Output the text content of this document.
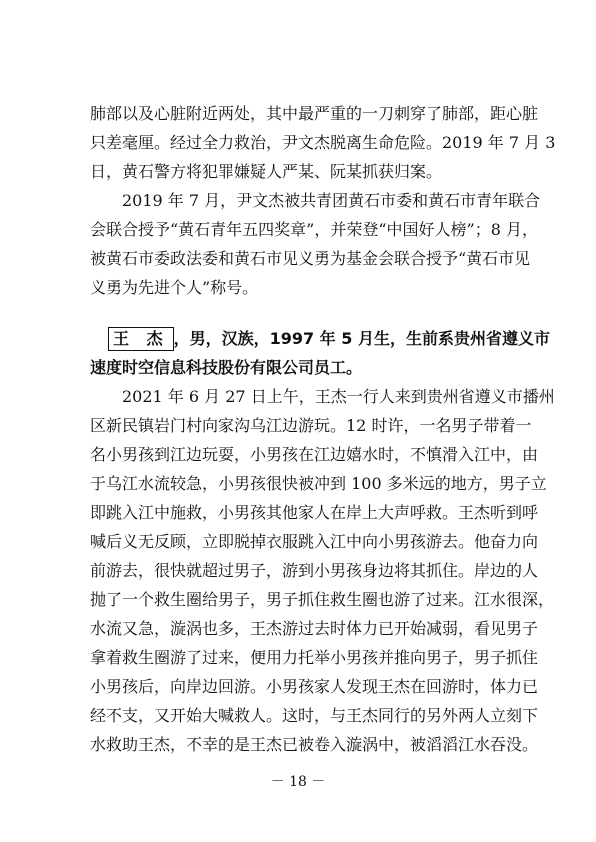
肺部以及心脏附近两处，其中最严重的一刀刺穿了肺部，距心脏
只差毫厘。经过全力救治，尹文杰脱离生命危险。2019 年 7 月 3
日，黄石警方将犯罪嫌疑人严某、阮某抓获归案。
2019 年 7 月，尹文杰被共青团黄石市委和黄石市青年联合
会联合授予“黄石青年五四奖章”，并荣登“中国好人榜”；8 月，
被黄石市委政法委和黄石市见义勇为基金会联合授予“黄石市见
义勇为先进个人”称号。
王 杰 ，男，汉族，1997 年 5 月生，生前系贵州省遵义市
速度时空信息科技股份有限公司员工。
2021 年 6 月 27 日上午，王杰一行人来到贵州省遵义市播州
区新民镇岩门村向家沟乌江边游玩。12 时许，一名男子带着一
名小男孩到江边玩耍，小男孩在江边嬉水时，不慎滑入江中，由
于乌江水流较急，小男孩很快被冲到 100 多米远的地方，男子立
即跳入江中施救，小男孩其他家人在岸上大声呼救。王杰听到呼
喊后义无反顾，立即脱掉衣服跳入江中向小男孩游去。他奋力向
前游去，很快就超过男子，游到小男孩身边将其抓住。岸边的人
抛了一个救生圈给男子，男子抓住救生圈也游了过来。江水很深，
水流又急，漩涡也多，王杰游过去时体力已开始减弱，看见男子
拿着救生圈游了过来，便用力托举小男孩并推向男子，男子抓住
小男孩后，向岸边回游。小男孩家人发现王杰在回游时，体力已
经不支，又开始大喊救人。这时，与王杰同行的另外两人立刻下
水救助王杰，不幸的是王杰已被卷入漩涡中，被滔滔江水吞没。
－ 18 －
